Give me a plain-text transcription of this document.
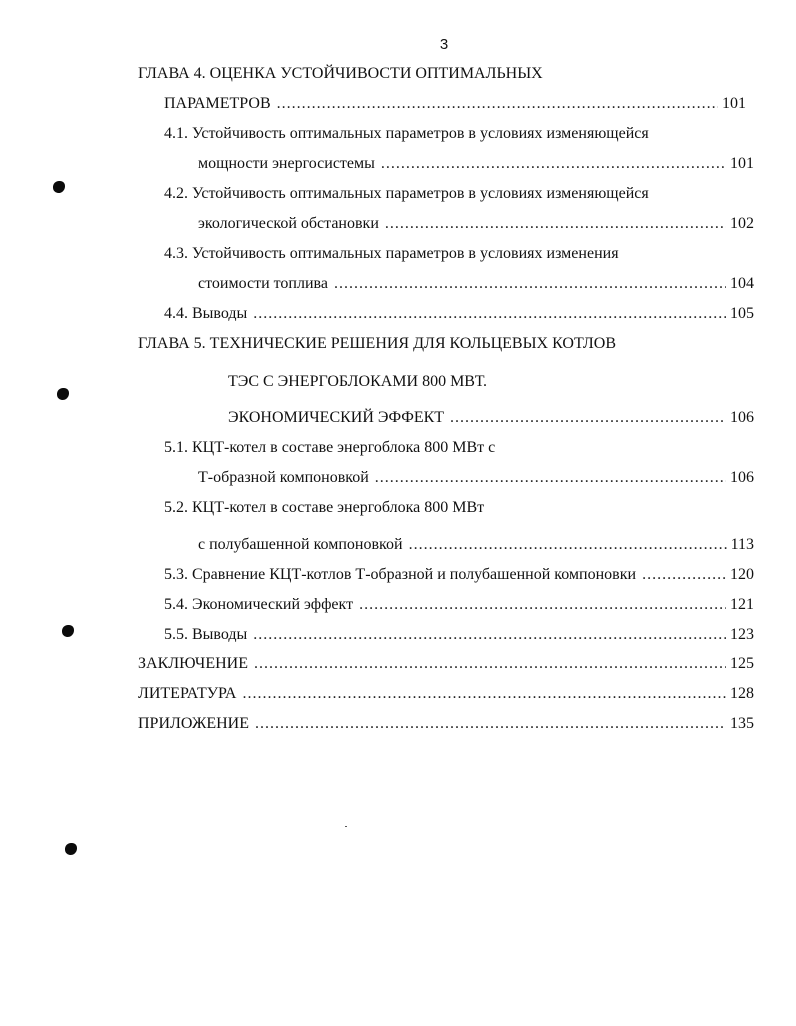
3
ГЛАВА 4. ОЦЕНКА УСТОЙЧИВОСТИ ОПТИМАЛЬНЫХ
ПАРАМЕТРОВ .....	101
4.1. Устойчивость оптимальных параметров в условиях изменяющейся
мощности энергосистемы .....	101
4.2. Устойчивость оптимальных параметров в условиях изменяющейся
экологической обстановки .....	102
4.3. Устойчивость оптимальных параметров в условиях изменения
стоимости топлива .....	104
4.4. Выводы .....	105
ГЛАВА 5. ТЕХНИЧЕСКИЕ РЕШЕНИЯ ДЛЯ КОЛЬЦЕВЫХ КОТЛОВ
ТЭС С ЭНЕРГОБЛОКАМИ 800 МВТ.
ЭКОНОМИЧЕСКИЙ ЭФФЕКТ .....	106
5.1. КЦТ-котел в составе энергоблока 800 МВт с
Т-образной компоновкой .....	106
5.2. КЦТ-котел в составе энергоблока 800 МВт
с полубашенной компоновкой .....	113
5.3. Сравнение КЦТ-котлов Т-образной и полубашенной компоновки .....	120
5.4. Экономический эффект .....	121
5.5. Выводы .....	123
ЗАКЛЮЧЕНИЕ .....	125
ЛИТЕРАТУРА .....	128
ПРИЛОЖЕНИЕ .....	135
